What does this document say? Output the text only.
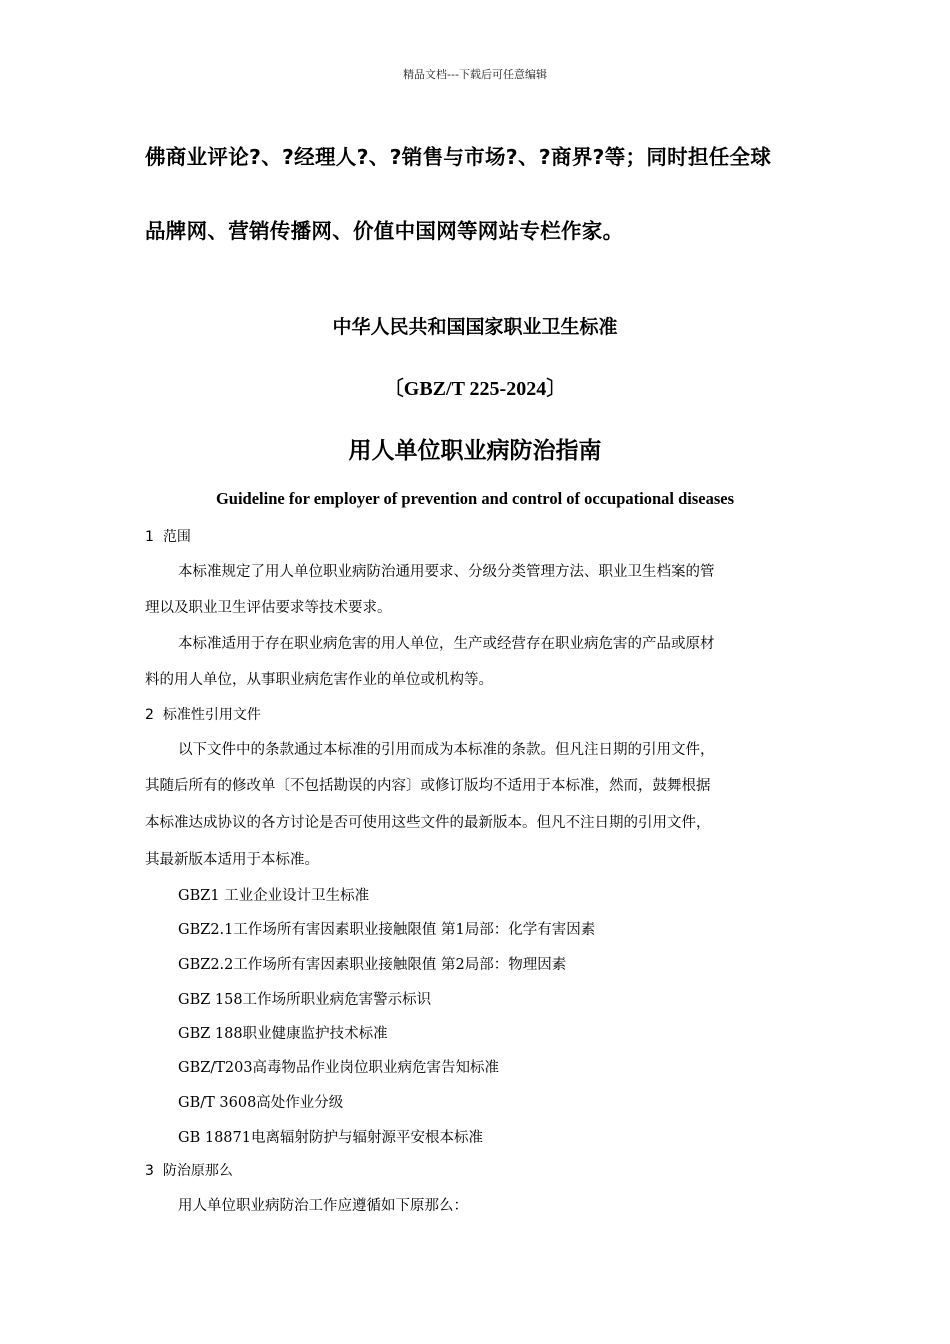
精品文档---下载后可任意编辑
佛商业评论?、?经理人?、?销售与市场?、?商界?等；同时担任全球
品牌网、营销传播网、价值中国网等网站专栏作家。
中华人民共和国国家职业卫生标准
〔GBZ/T 225-2024〕
用人单位职业病防治指南
Guideline for employer of prevention and control of occupational diseases
1 范围
本标准规定了用人单位职业病防治通用要求、分级分类管理方法、职业卫生档案的管
理以及职业卫生评估要求等技术要求。
本标准适用于存在职业病危害的用人单位，生产或经营存在职业病危害的产品或原材
料的用人单位，从事职业病危害作业的单位或机构等。
2 标准性引用文件
以下文件中的条款通过本标准的引用而成为本标准的条款。但凡注日期的引用文件，
其随后所有的修改单〔不包括勘误的内容〕或修订版均不适用于本标准，然而，鼓舞根据
本标准达成协议的各方讨论是否可使用这些文件的最新版本。但凡不注日期的引用文件，
其最新版本适用于本标准。
GBZ1 工业企业设计卫生标准
GBZ2.1工作场所有害因素职业接触限值 第1局部：化学有害因素
GBZ2.2工作场所有害因素职业接触限值 第2局部：物理因素
GBZ 158工作场所职业病危害警示标识
GBZ 188职业健康监护技术标准
GBZ/T203高毒物品作业岗位职业病危害告知标准
GB/T 3608高处作业分级
GB 18871电离辐射防护与辐射源平安根本标准
3 防治原那么
用人单位职业病防治工作应遵循如下原那么：
